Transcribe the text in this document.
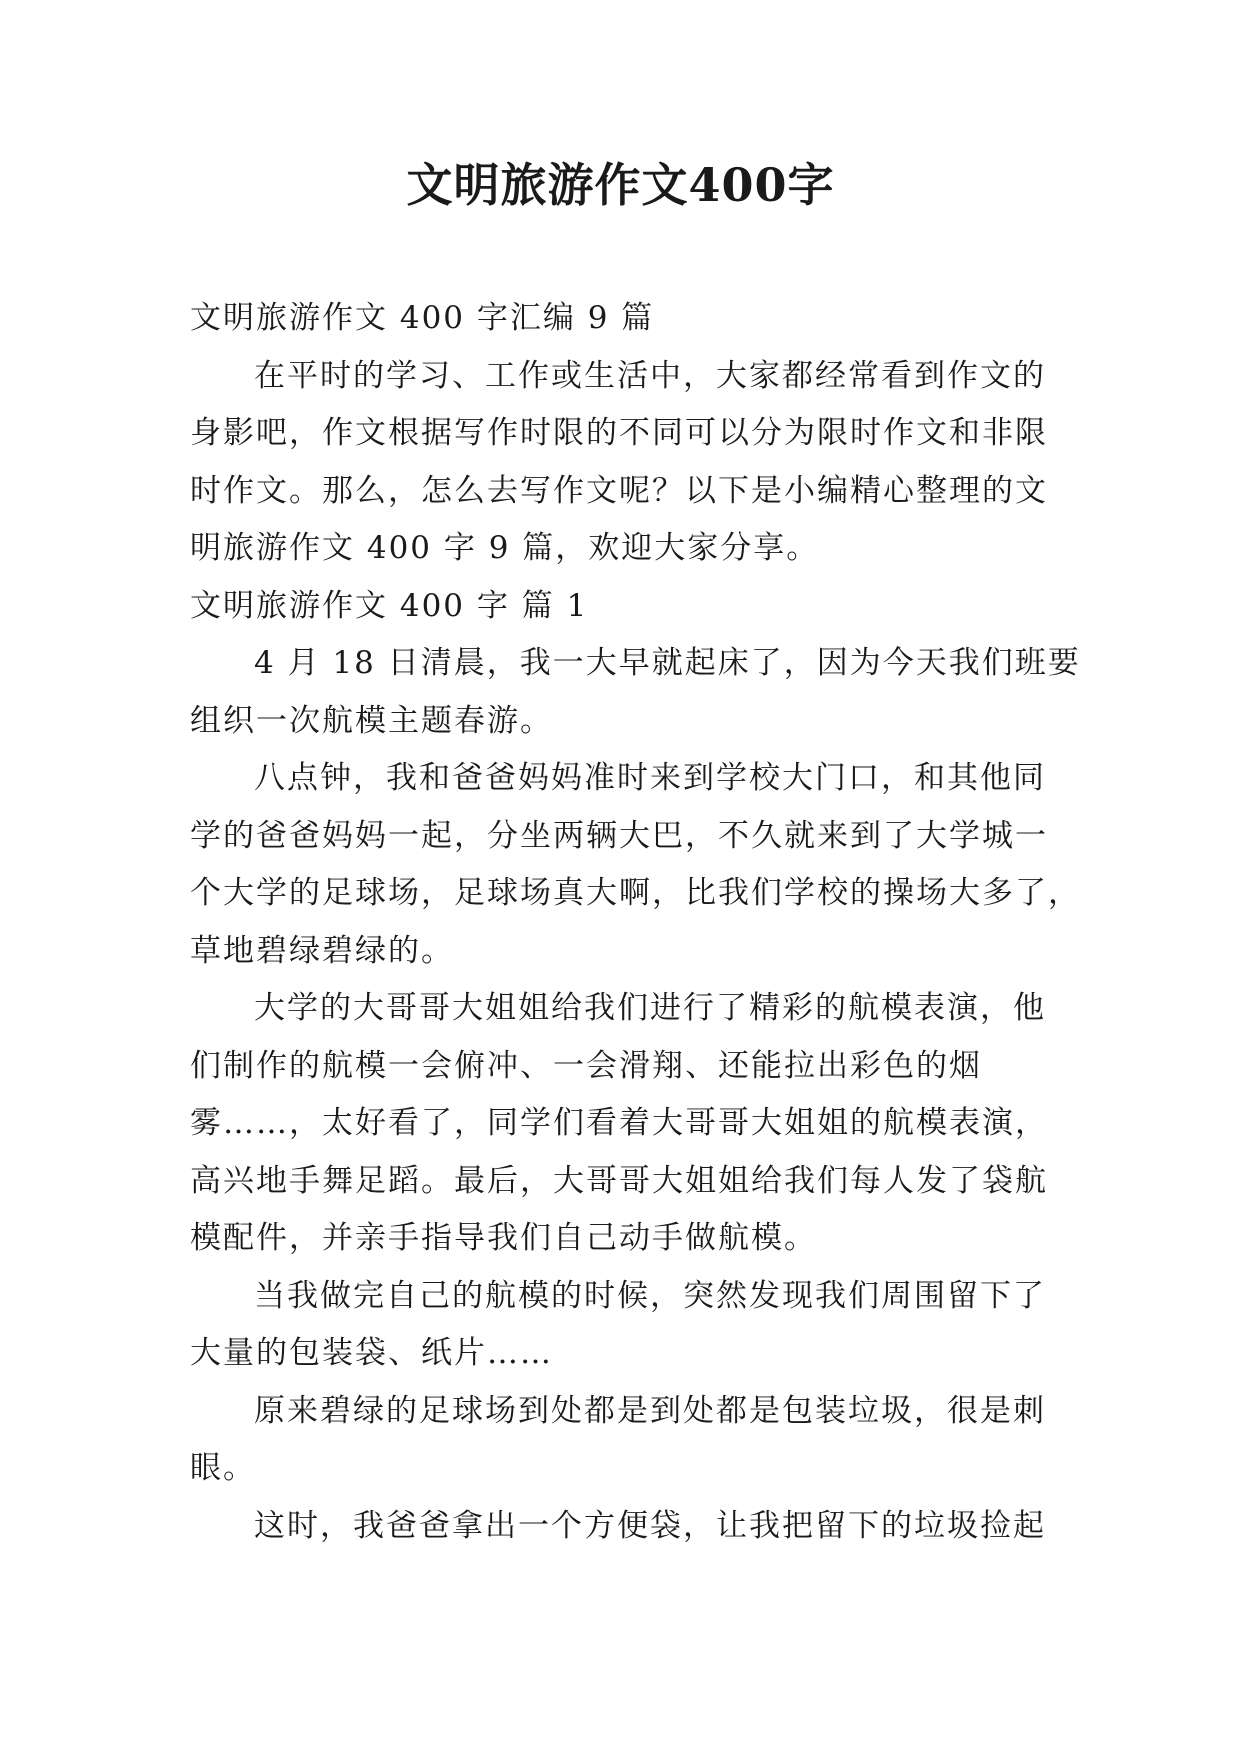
文明旅游作文400字
文明旅游作文 400 字汇编 9 篇
在平时的学习、工作或生活中，大家都经常看到作文的
身影吧，作文根据写作时限的不同可以分为限时作文和非限
时作文。那么，怎么去写作文呢？以下是小编精心整理的文
明旅游作文 400 字 9 篇，欢迎大家分享。
文明旅游作文 400 字 篇 1
4 月 18 日清晨，我一大早就起床了，因为今天我们班要
组织一次航模主题春游。
八点钟，我和爸爸妈妈准时来到学校大门口，和其他同
学的爸爸妈妈一起，分坐两辆大巴，不久就来到了大学城一
个大学的足球场，足球场真大啊，比我们学校的操场大多了，
草地碧绿碧绿的。
大学的大哥哥大姐姐给我们进行了精彩的航模表演，他
们制作的航模一会俯冲、一会滑翔、还能拉出彩色的烟
雾……，太好看了，同学们看着大哥哥大姐姐的航模表演，
高兴地手舞足蹈。最后，大哥哥大姐姐给我们每人发了袋航
模配件，并亲手指导我们自己动手做航模。
当我做完自己的航模的时候，突然发现我们周围留下了
大量的包装袋、纸片……
原来碧绿的足球场到处都是到处都是包装垃圾，很是刺
眼。
这时，我爸爸拿出一个方便袋，让我把留下的垃圾捡起
